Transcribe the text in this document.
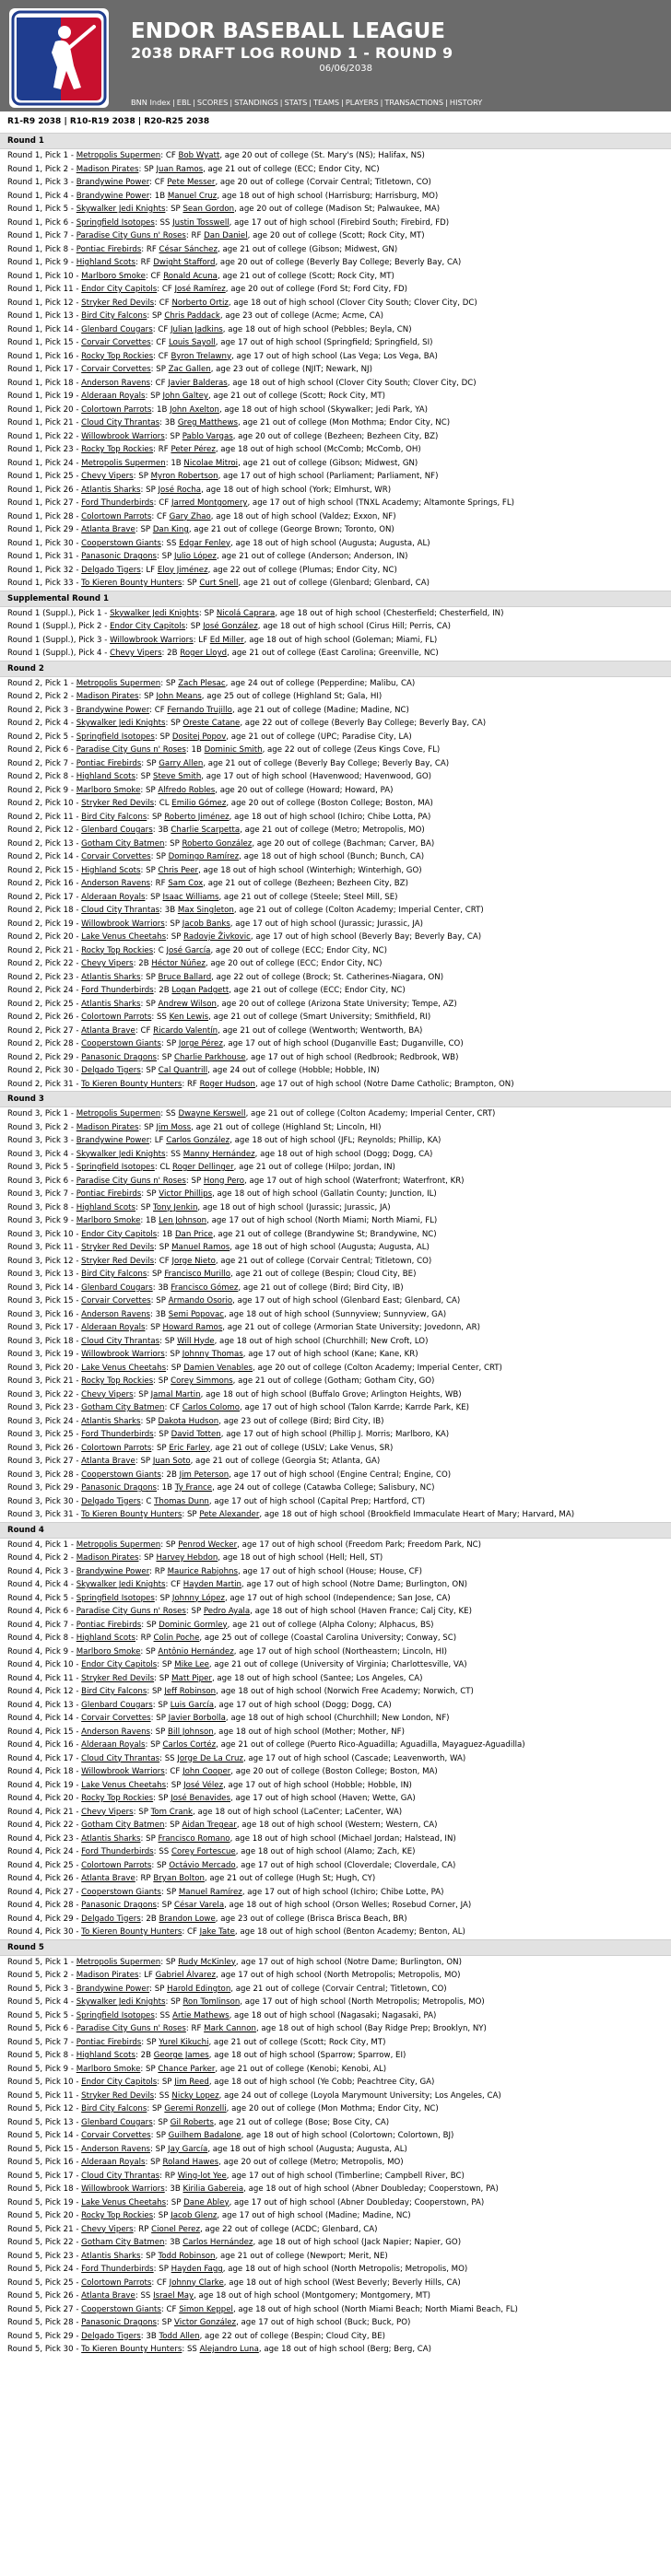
ENDOR BASEBALL LEAGUE
2038 DRAFT LOG ROUND 1 - ROUND 9
06/06/2038
BNN Index | EBL | SCORES | STANDINGS | STATS | TEAMS | PLAYERS | TRANSACTIONS | HISTORY
R1-R9 2038 | R10-R19 2038 | R20-R25 2038
Round 1
Round 1, Pick 1 - Metropolis Supermen: CF Bob Wyatt, age 20 out of college (St. Mary's (NS); Halifax, NS)
Round 1, Pick 2 - Madison Pirates: SP Juan Ramos, age 21 out of college (ECC; Endor City, NC)
Round 1, Pick 3 - Brandywine Power: CF Pete Messer, age 20 out of college (Corvair Central; Titletown, CO)
Round 1, Pick 4 - Brandywine Power: 1B Manuel Cruz, age 18 out of high school (Harrisburg; Harrisburg, MO)
Round 1, Pick 5 - Skywalker Jedi Knights: SP Sean Gordon, age 20 out of college (Madison St; Palwaukee, MA)
Round 1, Pick 6 - Springfield Isotopes: SS Justin Tosswell, age 17 out of high school (Firebird South; Firebird, FD)
Round 1, Pick 7 - Paradise City Guns n' Roses: RF Dan Daniel, age 20 out of college (Scott; Rock City, MT)
Round 1, Pick 8 - Pontiac Firebirds: RF César Sánchez, age 21 out of college (Gibson; Midwest, GN)
Round 1, Pick 9 - Highland Scots: RF Dwight Stafford, age 20 out of college (Beverly Bay College; Beverly Bay, CA)
Round 1, Pick 10 - Marlboro Smoke: CF Ronald Acuna, age 21 out of college (Scott; Rock City, MT)
Round 1, Pick 11 - Endor City Capitols: CF José Ramírez, age 20 out of college (Ford St; Ford City, FD)
Round 1, Pick 12 - Stryker Red Devils: CF Norberto Ortiz, age 18 out of high school (Clover City South; Clover City, DC)
Round 1, Pick 13 - Bird City Falcons: SP Chris Paddack, age 23 out of college (Acme; Acme, CA)
Round 1, Pick 14 - Glenbard Cougars: CF Julian Jadkins, age 18 out of high school (Pebbles; Beyla, CN)
Round 1, Pick 15 - Corvair Corvettes: CF Louis Sayoll, age 17 out of high school (Springfield; Springfield, SI)
Round 1, Pick 16 - Rocky Top Rockies: CF Byron Trelawny, age 17 out of high school (Las Vega; Los Vega, BA)
Round 1, Pick 17 - Corvair Corvettes: SP Zac Gallen, age 23 out of college (NJIT; Newark, NJ)
Round 1, Pick 18 - Anderson Ravens: CF Javier Balderas, age 18 out of high school (Clover City South; Clover City, DC)
Round 1, Pick 19 - Alderaan Royals: SP John Galtey, age 21 out of college (Scott; Rock City, MT)
Round 1, Pick 20 - Colortown Parrots: 1B John Axelton, age 18 out of high school (Skywalker; Jedi Park, YA)
Round 1, Pick 21 - Cloud City Thrantas: 3B Greg Matthews, age 21 out of college (Mon Mothma; Endor City, NC)
Round 1, Pick 22 - Willowbrook Warriors: SP Pablo Vargas, age 20 out of college (Bezheen; Bezheen City, BZ)
Round 1, Pick 23 - Rocky Top Rockies: RF Peter Pérez, age 18 out of high school (McComb; McComb, OH)
Round 1, Pick 24 - Metropolis Supermen: 1B Nicolae Mitroi, age 21 out of college (Gibson; Midwest, GN)
Round 1, Pick 25 - Chevy Vipers: SP Myron Robertson, age 17 out of high school (Parliament; Parliament, NF)
Round 1, Pick 26 - Atlantis Sharks: SP José Rocha, age 18 out of high school (York; Elmhurst, WR)
Round 1, Pick 27 - Ford Thunderbirds: CF Jarred Montgomery, age 17 out of high school (TNXL Academy; Altamonte Springs, FL)
Round 1, Pick 28 - Colortown Parrots: CF Gary Zhao, age 18 out of high school (Valdez; Exxon, NF)
Round 1, Pick 29 - Atlanta Brave: SP Dan King, age 21 out of college (George Brown; Toronto, ON)
Round 1, Pick 30 - Cooperstown Giants: SS Edgar Fenley, age 18 out of high school (Augusta; Augusta, AL)
Round 1, Pick 31 - Panasonic Dragons: SP Julio López, age 21 out of college (Anderson; Anderson, IN)
Round 1, Pick 32 - Delgado Tigers: LF Eloy Jiménez, age 22 out of college (Plumas; Endor City, NC)
Round 1, Pick 33 - To Kieren Bounty Hunters: SP Curt Snell, age 21 out of college (Glenbard; Glenbard, CA)
Supplemental Round 1
Round 1 (Suppl.), Pick 1 - Skywalker Jedi Knights: SP Nicolá Caprara, age 18 out of high school (Chesterfield; Chesterfield, IN)
Round 1 (Suppl.), Pick 2 - Endor City Capitols: SP José González, age 18 out of high school (Cirus Hill; Perris, CA)
Round 1 (Suppl.), Pick 3 - Willowbrook Warriors: LF Ed Miller, age 18 out of high school (Goleman; Miami, FL)
Round 1 (Suppl.), Pick 4 - Chevy Vipers: 2B Roger Lloyd, age 21 out of college (East Carolina; Greenville, NC)
Round 2
Round 2, Pick 1 - Metropolis Supermen: SP Zach Plesac, age 24 out of college (Pepperdine; Malibu, CA)
Round 2, Pick 2 - Madison Pirates: SP John Means, age 25 out of college (Highland St; Gala, HI)
Round 2, Pick 3 - Brandywine Power: CF Fernando Trujillo, age 21 out of college (Madine; Madine, NC)
Round 2, Pick 4 - Skywalker Jedi Knights: SP Oreste Catane, age 22 out of college (Beverly Bay College; Beverly Bay, CA)
Round 2, Pick 5 - Springfield Isotopes: SP Dositej Popov, age 21 out of college (UPC; Paradise City, LA)
Round 2, Pick 6 - Paradise City Guns n' Roses: 1B Dominic Smith, age 22 out of college (Zeus Kings Cove, FL)
Round 2, Pick 7 - Pontiac Firebirds: SP Garry Allen, age 21 out of college (Beverly Bay College; Beverly Bay, CA)
Round 2, Pick 8 - Highland Scots: SP Steve Smith, age 17 out of high school (Havenwood; Havenwood, GO)
Round 2, Pick 9 - Marlboro Smoke: SP Alfredo Robles, age 20 out of college (Howard; Howard, PA)
Round 2, Pick 10 - Stryker Red Devils: CL Emilio Gómez, age 20 out of college (Boston College; Boston, MA)
Round 2, Pick 11 - Bird City Falcons: SP Roberto Jiménez, age 18 out of high school (Ichiro; Chibe Lotta, PA)
Round 2, Pick 12 - Glenbard Cougars: 3B Charlie Scarpetta, age 21 out of college (Metro; Metropolis, MO)
Round 2, Pick 13 - Gotham City Batmen: SP Roberto González, age 20 out of college (Bachman; Carver, BA)
Round 2, Pick 14 - Corvair Corvettes: SP Domingo Ramírez, age 18 out of high school (Bunch; Bunch, CA)
Round 2, Pick 15 - Highland Scots: SP Chris Peer, age 18 out of high school (Winterhigh; Winterhigh, GO)
Round 2, Pick 16 - Anderson Ravens: RF Sam Cox, age 21 out of college (Bezheen; Bezheen City, BZ)
Round 2, Pick 17 - Alderaan Royals: SP Isaac Williams, age 21 out of college (Steele; Steel Mill, SE)
Round 2, Pick 18 - Cloud City Thrantas: 3B Max Singleton, age 21 out of college (Colton Academy; Imperial Center, CRT)
Round 2, Pick 19 - Willowbrook Warriors: SP Jacob Banks, age 17 out of high school (Jurassic; Jurassic, JA)
Round 2, Pick 20 - Lake Venus Cheetahs: SP Radovje Živkovic, age 17 out of high school (Beverly Bay; Beverly Bay, CA)
Round 2, Pick 21 - Rocky Top Rockies: C José García, age 20 out of college (ECC; Endor City, NC)
Round 2, Pick 22 - Chevy Vipers: 2B Héctor Núñez, age 20 out of college (ECC; Endor City, NC)
Round 2, Pick 23 - Atlantis Sharks: SP Bruce Ballard, age 22 out of college (Brock; St. Catherines-Niagara, ON)
Round 2, Pick 24 - Ford Thunderbirds: 2B Logan Padgett, age 21 out of college (ECC; Endor City, NC)
Round 2, Pick 25 - Atlantis Sharks: SP Andrew Wilson, age 20 out of college (Arizona State University; Tempe, AZ)
Round 2, Pick 26 - Colortown Parrots: SS Ken Lewis, age 21 out of college (Smart University; Smithfield, RI)
Round 2, Pick 27 - Atlanta Brave: CF Ricardo Valentín, age 21 out of college (Wentworth; Wentworth, BA)
Round 2, Pick 28 - Cooperstown Giants: SP Jorge Pérez, age 17 out of high school (Duganville East; Duganville, CO)
Round 2, Pick 29 - Panasonic Dragons: SP Charlie Parkhouse, age 17 out of high school (Redbrook; Redbrook, WB)
Round 2, Pick 30 - Delgado Tigers: SP Cal Quantrill, age 24 out of college (Hobble; Hobble, IN)
Round 2, Pick 31 - To Kieren Bounty Hunters: RF Roger Hudson, age 17 out of high school (Notre Dame Catholic; Brampton, ON)
Round 3
Round 3, Pick 1 - Metropolis Supermen: SS Dwayne Kerswell, age 21 out of college (Colton Academy; Imperial Center, CRT)
Round 3, Pick 2 - Madison Pirates: SP Jim Moss, age 21 out of college (Highland St; Lincoln, HI)
Round 3, Pick 3 - Brandywine Power: LF Carlos González, age 18 out of high school (JFL; Reynolds; Phillip, KA)
Round 3, Pick 4 - Skywalker Jedi Knights: SS Manny Hernández, age 18 out of high school (Dogg; Dogg, CA)
Round 3, Pick 5 - Springfield Isotopes: CL Roger Dellinger, age 21 out of college (Hilpo; Jordan, IN)
Round 3, Pick 6 - Paradise City Guns n' Roses: SP Hong Pero, age 17 out of high school (Waterfront; Waterfront, KR)
Round 3, Pick 7 - Pontiac Firebirds: SP Victor Phillips, age 18 out of high school (Gallatin County; Junction, IL)
Round 3, Pick 8 - Highland Scots: SP Tony Jenkin, age 18 out of high school (Jurassic; Jurassic, JA)
Round 3, Pick 9 - Marlboro Smoke: 1B Len Johnson, age 17 out of high school (North Miami; North Miami, FL)
Round 3, Pick 10 - Endor City Capitols: 1B Dan Price, age 21 out of college (Brandywine St; Brandywine, NC)
Round 3, Pick 11 - Stryker Red Devils: SP Manuel Ramos, age 18 out of high school (Augusta; Augusta, AL)
Round 3, Pick 12 - Stryker Red Devils: CF Jorge Nieto, age 21 out of college (Corvair Central; Titletown, CO)
Round 3, Pick 13 - Bird City Falcons: SP Francisco Murillo, age 21 out of college (Bespin; Cloud City, BE)
Round 3, Pick 14 - Glenbard Cougars: 3B Francisco Gómez, age 21 out of college (Bird; Bird City, IB)
Round 3, Pick 15 - Corvair Corvettes: SP Armando Osorio, age 17 out of high school (Glenbard East; Glenbard, CA)
Round 3, Pick 16 - Anderson Ravens: 3B Semi Popovac, age 18 out of high school (Sunnyview; Sunnyview, GA)
Round 3, Pick 17 - Alderaan Royals: SP Howard Ramos, age 21 out of college (Armorian State University; Jovedonn, AR)
Round 3, Pick 18 - Cloud City Thrantas: SP Will Hyde, age 18 out of high school (Churchhill; New Croft, LO)
Round 3, Pick 19 - Willowbrook Warriors: SP Johnny Thomas, age 17 out of high school (Kane; Kane, KR)
Round 3, Pick 20 - Lake Venus Cheetahs: SP Damien Venables, age 20 out of college (Colton Academy; Imperial Center, CRT)
Round 3, Pick 21 - Rocky Top Rockies: SP Corey Simmons, age 21 out of college (Gotham; Gotham City, GO)
Round 3, Pick 22 - Chevy Vipers: SP Jamal Martin, age 18 out of high school (Buffalo Grove; Arlington Heights, WB)
Round 3, Pick 23 - Gotham City Batmen: CF Carlos Colomo, age 17 out of high school (Talon Karrde; Karrde Park, KE)
Round 3, Pick 24 - Atlantis Sharks: SP Dakota Hudson, age 23 out of college (Bird; Bird City, IB)
Round 3, Pick 25 - Ford Thunderbirds: SP David Totten, age 17 out of high school (Phillip J. Morris; Marlboro, KA)
Round 3, Pick 26 - Colortown Parrots: SP Eric Farley, age 21 out of college (USLV; Lake Venus, SR)
Round 3, Pick 27 - Atlanta Brave: SP Juan Soto, age 21 out of college (Georgia St; Atlanta, GA)
Round 3, Pick 28 - Cooperstown Giants: 2B Jim Peterson, age 17 out of high school (Engine Central; Engine, CO)
Round 3, Pick 29 - Panasonic Dragons: 1B Ty France, age 24 out of college (Catawba College; Salisbury, NC)
Round 3, Pick 30 - Delgado Tigers: C Thomas Dunn, age 17 out of high school (Capital Prep; Hartford, CT)
Round 3, Pick 31 - To Kieren Bounty Hunters: SP Pete Alexander, age 18 out of high school (Brookfield Immaculate Heart of Mary; Harvard, MA)
Round 4
Round 4, Pick 1 - Metropolis Supermen: SP Penrod Wecker, age 17 out of high school (Freedom Park; Freedom Park, NC)
Round 4, Pick 2 - Madison Pirates: SP Harvey Hebdon, age 18 out of high school (Hell; Hell, ST)
Round 4, Pick 3 - Brandywine Power: RP Maurice Rabjohns, age 17 out of high school (House; House, CF)
Round 4, Pick 4 - Skywalker Jedi Knights: CF Hayden Martin, age 17 out of high school (Notre Dame; Burlington, ON)
Round 4, Pick 5 - Springfield Isotopes: SP Johnny López, age 17 out of high school (Independence; San Jose, CA)
Round 4, Pick 6 - Paradise City Guns n' Roses: SP Pedro Ayala, age 18 out of high school (Haven France; Calj City, KE)
Round 4, Pick 7 - Pontiac Firebirds: SP Dominic Gormley, age 21 out of college (Alpha Colony; Alphacus, BS)
Round 4, Pick 8 - Highland Scots: RP Colin Poche, age 25 out of college (Coastal Carolina University; Conway, SC)
Round 4, Pick 9 - Marlboro Smoke: SP Antônio Hernández, age 17 out of high school (Northeastern; Lincoln, HI)
Round 4, Pick 10 - Endor City Capitols: SP Mike Lee, age 21 out of college (University of Virginia; Charlottesville, VA)
Round 4, Pick 11 - Stryker Red Devils: SP Matt Piper, age 18 out of high school (Santee; Los Angeles, CA)
Round 4, Pick 12 - Bird City Falcons: SP Jeff Robinson, age 18 out of high school (Norwich Free Academy; Norwich, CT)
Round 4, Pick 13 - Glenbard Cougars: SP Luis García, age 17 out of high school (Dogg; Dogg, CA)
Round 4, Pick 14 - Corvair Corvettes: SP Javier Borbolla, age 18 out of high school (Churchhill; New London, NF)
Round 4, Pick 15 - Anderson Ravens: SP Bill Johnson, age 18 out of high school (Mother; Mother, NF)
Round 4, Pick 16 - Alderaan Royals: SP Carlos Cortéz, age 21 out of college (Puerto Rico-Aguadilla; Aguadilla, Mayaguez-Aguadilla)
Round 4, Pick 17 - Cloud City Thrantas: SS Jorge De La Cruz, age 17 out of high school (Cascade; Leavenworth, WA)
Round 4, Pick 18 - Willowbrook Warriors: CF John Cooper, age 20 out of college (Boston College; Boston, MA)
Round 4, Pick 19 - Lake Venus Cheetahs: SP José Vélez, age 17 out of high school (Hobble; Hobble, IN)
Round 4, Pick 20 - Rocky Top Rockies: SP José Benavides, age 17 out of high school (Haven; Wette, GA)
Round 4, Pick 21 - Chevy Vipers: SP Tom Crank, age 18 out of high school (LaCenter; LaCenter, WA)
Round 4, Pick 22 - Gotham City Batmen: SP Aidan Tregear, age 18 out of high school (Western; Western, CA)
Round 4, Pick 23 - Atlantis Sharks: SP Francisco Romano, age 18 out of high school (Michael Jordan; Halstead, IN)
Round 4, Pick 24 - Ford Thunderbirds: SS Corey Fortescue, age 18 out of high school (Alamo; Zach, KE)
Round 4, Pick 25 - Colortown Parrots: SP Octávio Mercado, age 17 out of high school (Cloverdale; Cloverdale, CA)
Round 4, Pick 26 - Atlanta Brave: RP Bryan Bolton, age 21 out of college (Hugh St; Hugh, CY)
Round 4, Pick 27 - Cooperstown Giants: SP Manuel Ramírez, age 17 out of high school (Ichiro; Chibe Lotte, PA)
Round 4, Pick 28 - Panasonic Dragons: SP César Varela, age 18 out of high school (Orson Welles; Rosebud Corner, JA)
Round 4, Pick 29 - Delgado Tigers: 2B Brandon Lowe, age 23 out of college (Brisca Brisca Beach, BR)
Round 4, Pick 30 - To Kieren Bounty Hunters: CF Jake Tate, age 18 out of high school (Benton Academy; Benton, AL)
Round 5
Round 5, Pick 1 - Metropolis Supermen: SP Rudy McKinley, age 17 out of high school (Notre Dame; Burlington, ON)
Round 5, Pick 2 - Madison Pirates: LF Gabriel Álvarez, age 17 out of high school (North Metropolis; Metropolis, MO)
Round 5, Pick 3 - Brandywine Power: SP Harold Edington, age 21 out of college (Corvair Central; Titletown, CO)
Round 5, Pick 4 - Skywalker Jedi Knights: SP Ron Tomlinson, age 17 out of high school (North Metropolis; Metropolis, MO)
Round 5, Pick 5 - Springfield Isotopes: SS Artie Mathews, age 18 out of high school (Nagasaki; Nagasaki, PA)
Round 5, Pick 6 - Paradise City Guns n' Roses: RF Mark Cannon, age 18 out of high school (Bay Ridge Prep; Brooklyn, NY)
Round 5, Pick 7 - Pontiac Firebirds: SP Yurel Kikuchi, age 21 out of college (Scott; Rock City, MT)
Round 5, Pick 8 - Highland Scots: 2B George James, age 18 out of high school (Sparrow; Sparrow, EI)
Round 5, Pick 9 - Marlboro Smoke: SP Chance Parker, age 21 out of college (Kenobi; Kenobi, AL)
Round 5, Pick 10 - Endor City Capitols: SP Jim Reed, age 18 out of high school (Ye Cobb; Peachtree City, GA)
Round 5, Pick 11 - Stryker Red Devils: SS Nicky Lopez, age 24 out of college (Loyola Marymount University; Los Angeles, CA)
Round 5, Pick 12 - Bird City Falcons: SP Geremi Ronzelli, age 20 out of college (Mon Mothma; Endor City, NC)
Round 5, Pick 13 - Glenbard Cougars: SP Gil Roberts, age 21 out of college (Bose; Bose City, CA)
Round 5, Pick 14 - Corvair Corvettes: SP Guilhem Badalone, age 18 out of high school (Colortown; Colortown, BJ)
Round 5, Pick 15 - Anderson Ravens: SP Jay García, age 18 out of high school (Augusta; Augusta, AL)
Round 5, Pick 16 - Alderaan Royals: SP Roland Hawes, age 20 out of college (Metro; Metropolis, MO)
Round 5, Pick 17 - Cloud City Thrantas: RP Wing-lot Yee, age 17 out of high school (Timberline; Campbell River, BC)
Round 5, Pick 18 - Willowbrook Warriors: 3B Kirilia Gabereia, age 18 out of high school (Abner Doubleday; Cooperstown, PA)
Round 5, Pick 19 - Lake Venus Cheetahs: SP Dane Abley, age 17 out of high school (Abner Doubleday; Cooperstown, PA)
Round 5, Pick 20 - Rocky Top Rockies: SP Jacob Glenz, age 17 out of high school (Madine; Madine, NC)
Round 5, Pick 21 - Chevy Vipers: RP Cionel Perez, age 22 out of college (ACDC; Glenbard, CA)
Round 5, Pick 22 - Gotham City Batmen: 3B Carlos Hernández, age 18 out of high school (Jack Napier; Napier, GO)
Round 5, Pick 23 - Atlantis Sharks: SP Todd Robinson, age 21 out of college (Newport; Merit, NE)
Round 5, Pick 24 - Ford Thunderbirds: SP Hayden Fagg, age 18 out of high school (North Metropolis; Metropolis, MO)
Round 5, Pick 25 - Colortown Parrots: CF Johnny Clarke, age 18 out of high school (West Beverly; Beverly Hills, CA)
Round 5, Pick 26 - Atlanta Brave: SS Israel May, age 18 out of high school (Montgomery; Montgomery, MT)
Round 5, Pick 27 - Cooperstown Giants: CF Simon Keppel, age 18 out of high school (North Miami Beach; North Miami Beach, FL)
Round 5, Pick 28 - Panasonic Dragons: SP Victor González, age 17 out of high school (Buck; Buck, PO)
Round 5, Pick 29 - Delgado Tigers: 3B Todd Allen, age 22 out of college (Bespin; Cloud City, BE)
Round 5, Pick 30 - To Kieren Bounty Hunters: SS Alejandro Luna, age 18 out of high school (Berg; Berg, CA)
